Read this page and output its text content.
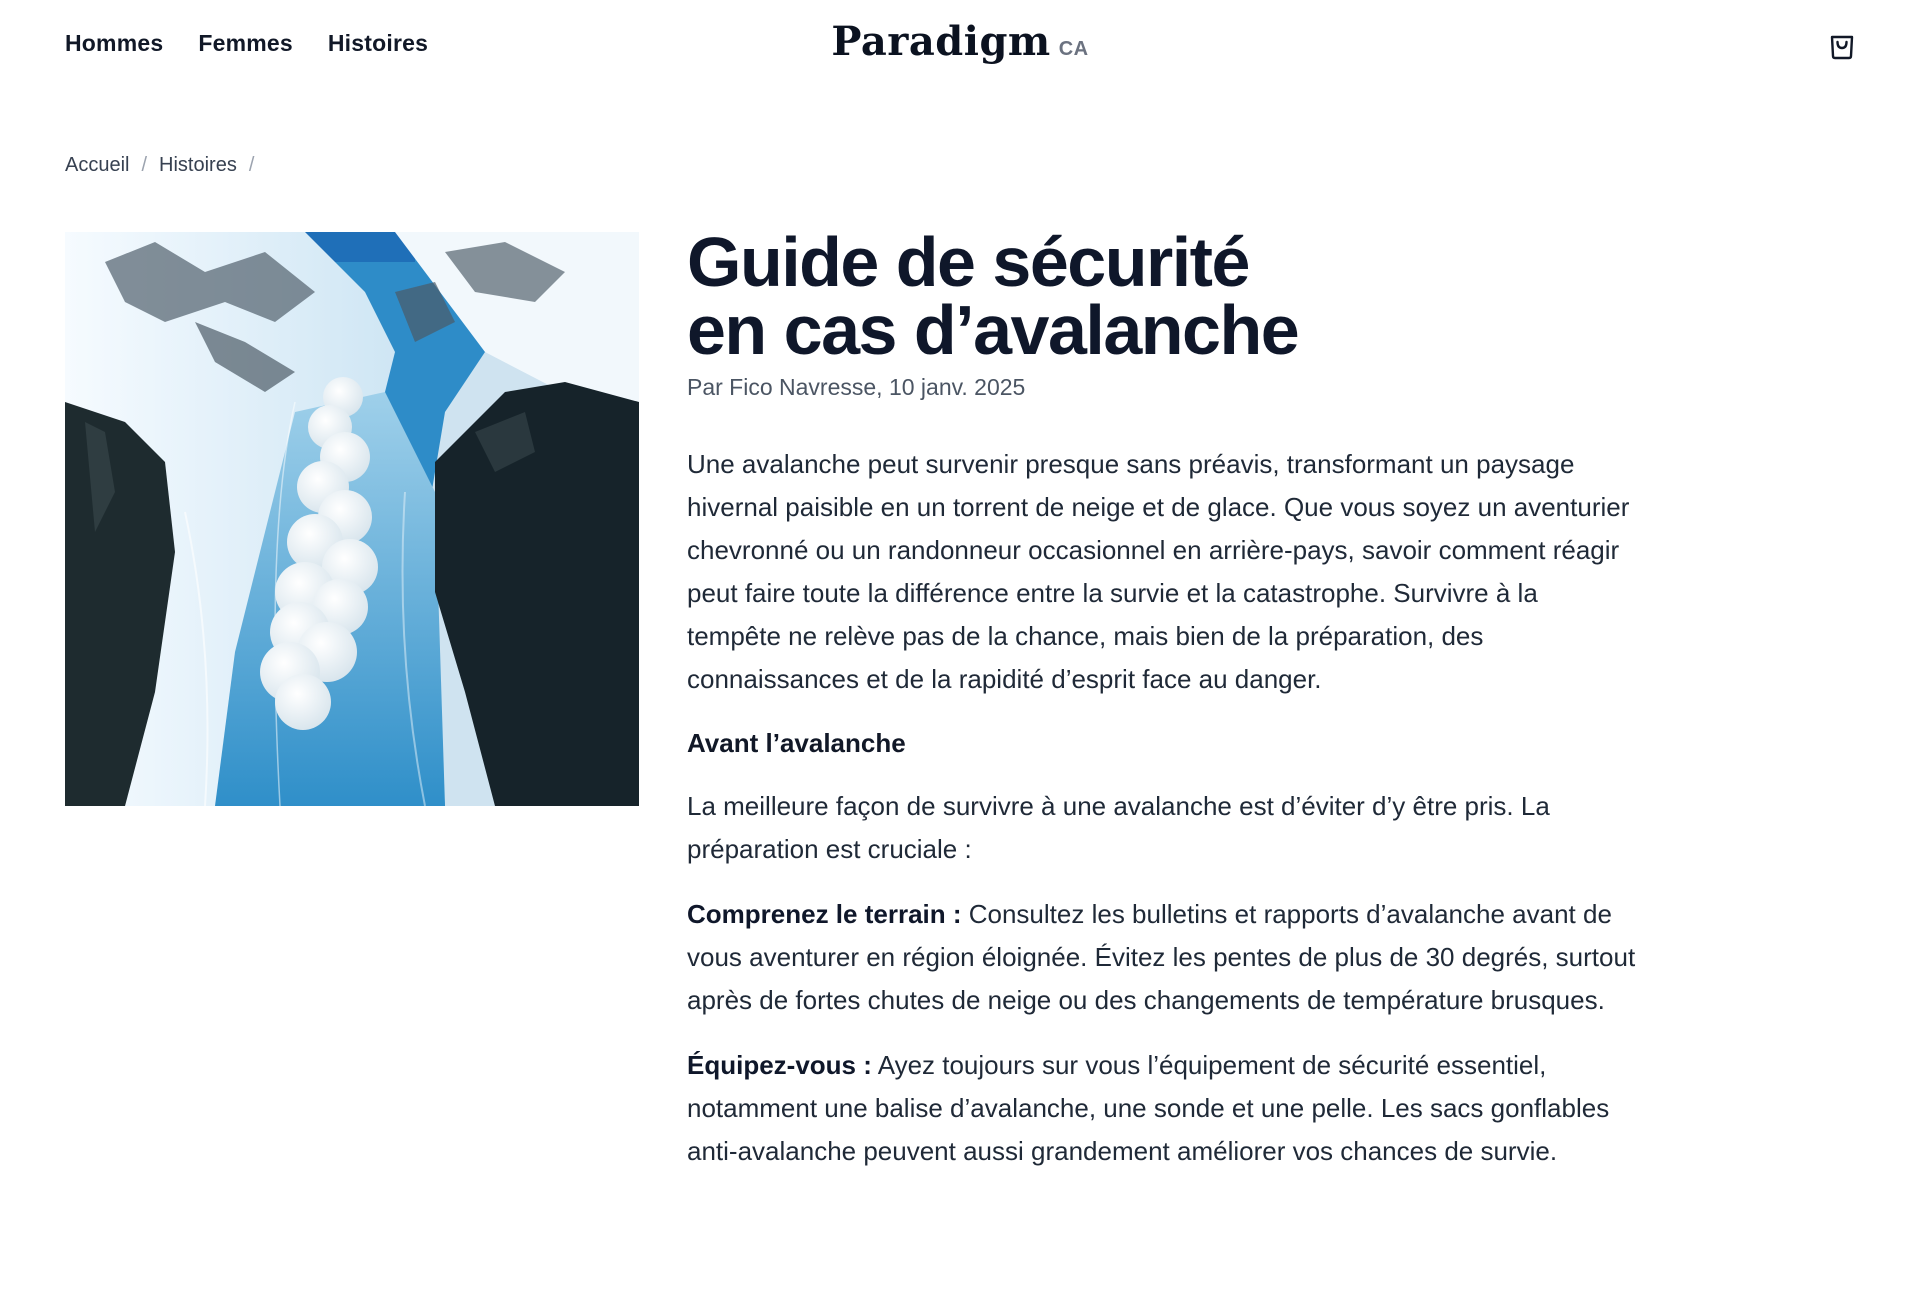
Hommes Femmes Histoires	Paradigm CA
Accueil / Histoires /
Guide de sécurité
en cas d’avalanche
Par Fico Navresse, 10 janv. 2025

Une avalanche peut survenir presque sans préavis, transformant un paysage hivernal paisible en un torrent de neige et de glace. Que vous soyez un aventurier chevronné ou un randonneur occasionnel en arrière-pays, savoir comment réagir peut faire toute la différence entre la survie et la catastrophe. Survivre à la tempête ne relève pas de la chance, mais bien de la préparation, des connaissances et de la rapidité d’esprit face au danger.

Avant l’avalanche

La meilleure façon de survivre à une avalanche est d’éviter d’y être pris. La préparation est cruciale :

Comprenez le terrain : Consultez les bulletins et rapports d’avalanche avant de vous aventurer en région éloignée. Évitez les pentes de plus de 30 degrés, surtout après de fortes chutes de neige ou des changements de température brusques.

Équipez-vous : Ayez toujours sur vous l’équipement de sécurité essentiel, notamment une balise d’avalanche, une sonde et une pelle. Les sacs gonflables anti-avalanche peuvent aussi grandement améliorer vos chances de survie.
